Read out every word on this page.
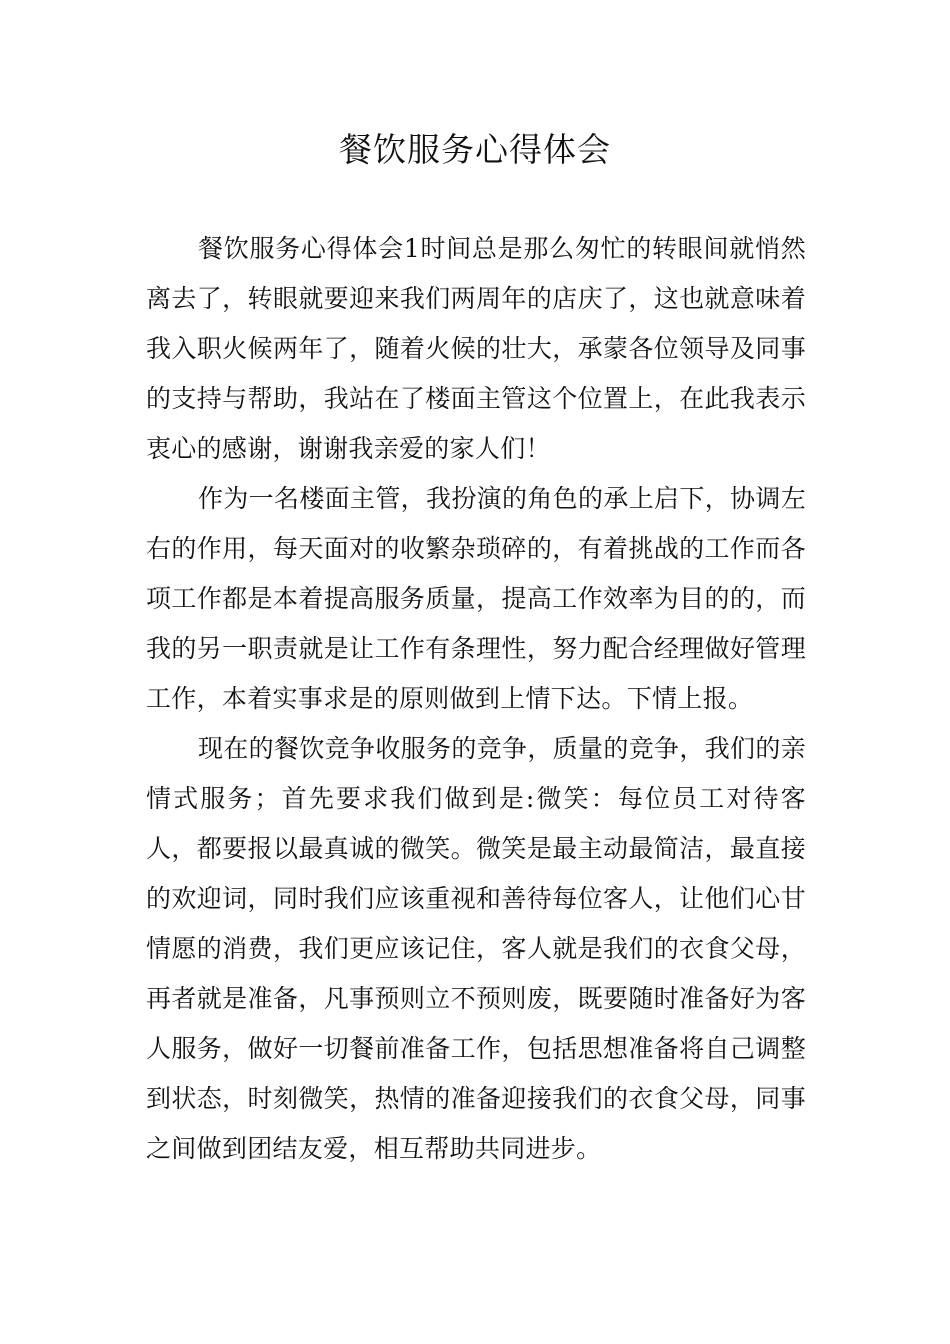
餐饮服务心得体会

餐饮服务心得体会1时间总是那么匆忙的转眼间就悄然离去了，转眼就要迎来我们两周年的店庆了，这也就意味着我入职火候两年了，随着火候的壮大，承蒙各位领导及同事的支持与帮助，我站在了楼面主管这个位置上，在此我表示衷心的感谢，谢谢我亲爱的家人们！

作为一名楼面主管，我扮演的角色的承上启下，协调左右的作用，每天面对的收繁杂琐碎的，有着挑战的工作而各项工作都是本着提高服务质量，提高工作效率为目的的，而我的另一职责就是让工作有条理性，努力配合经理做好管理工作，本着实事求是的原则做到上情下达。下情上报。

现在的餐饮竞争收服务的竞争，质量的竞争，我们的亲情式服务；首先要求我们做到是:微笑：每位员工对待客人，都要报以最真诚的微笑。微笑是最主动最简洁，最直接的欢迎词，同时我们应该重视和善待每位客人，让他们心甘情愿的消费，我们更应该记住，客人就是我们的衣食父母，再者就是准备，凡事预则立不预则废，既要随时准备好为客人服务，做好一切餐前准备工作，包括思想准备将自己调整到状态，时刻微笑，热情的准备迎接我们的衣食父母，同事之间做到团结友爱，相互帮助共同进步。
